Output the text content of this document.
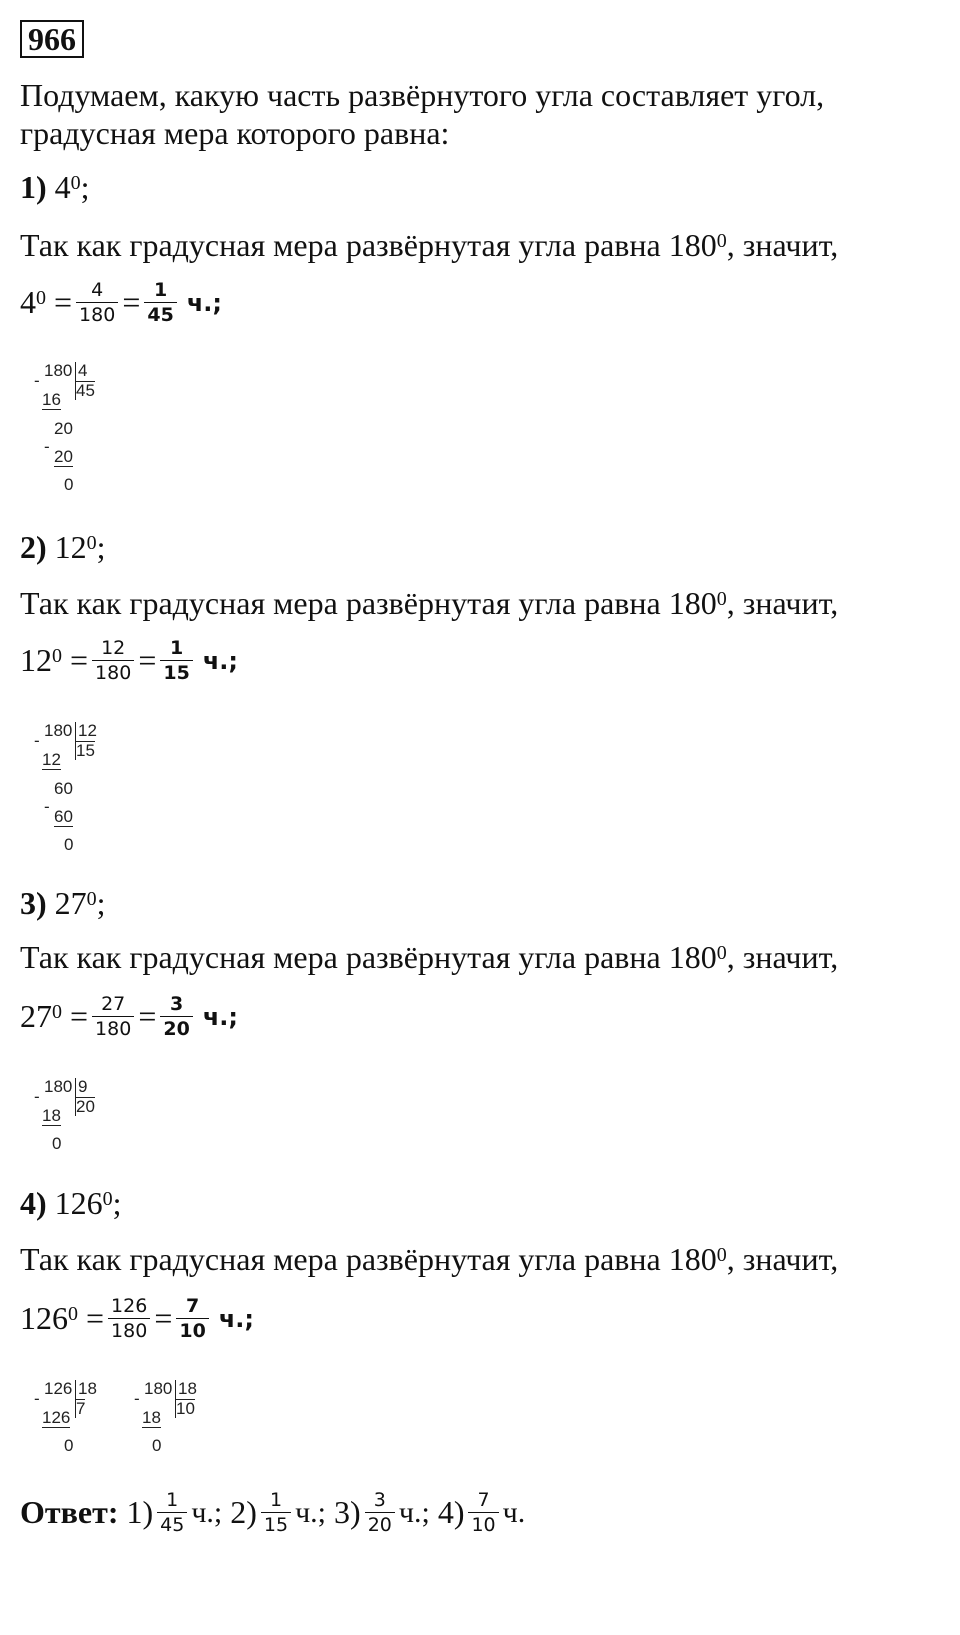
966
Подумаем, какую часть развёрнутого угла составляет угол,
градусная мера которого равна:
1) $4^0$;
Так как градусная мера развёрнутая угла равна $180^0$, значит,
$4^0 = \frac{4}{180} = \frac{1}{45} ч$.;
180 4
45
-
16
20
-
20
0
2) $12^0$;
Так как градусная мера развёрнутая угла равна $180^0$, значит,
$12^0 = \frac{12}{180} = \frac{1}{15} ч$.;
180 12
15
-
12
60
-
60
0
3) $27^0$;
Так как градусная мера развёрнутая угла равна $180^0$, значит,
$27^0 = \frac{27}{180} = \frac{3}{20} ч$.;
180 9
20
-
18
0
4) $126^0$;
Так как градусная мера развёрнутая угла равна $180^0$, значит,
$126^0 = \frac{126}{180} = \frac{7}{10} ч$.;
126 18
7
-
126
0
180 18
10
-
18
0
Ответ:
$1) \frac{1}{45} ч$.;
$2) \frac{1}{15} ч$.;
$3) \frac{3}{20} ч$.;
$4) \frac{7}{10} ч$.
